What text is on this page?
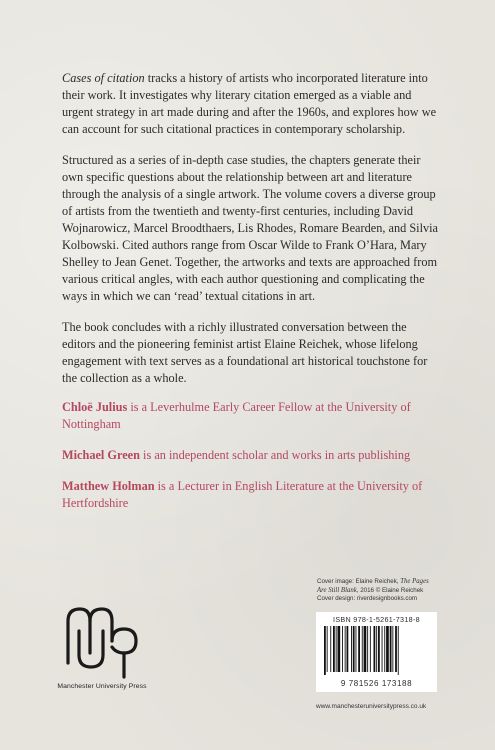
Cases of citation tracks a history of artists who incorporated literature into their work. It investigates why literary citation emerged as a viable and urgent strategy in art made during and after the 1960s, and explores how we can account for such citational practices in contemporary scholarship.

Structured as a series of in-depth case studies, the chapters generate their own specific questions about the relationship between art and literature through the analysis of a single artwork. The volume covers a diverse group of artists from the twentieth and twenty-first centuries, including David Wojnarowicz, Marcel Broodthaers, Lis Rhodes, Romare Bearden, and Silvia Kolbowski. Cited authors range from Oscar Wilde to Frank O’Hara, Mary Shelley to Jean Genet. Together, the artworks and texts are approached from various critical angles, with each author questioning and complicating the ways in which we can ‘read’ textual citations in art.

The book concludes with a richly illustrated conversation between the editors and the pioneering feminist artist Elaine Reichek, whose lifelong engagement with text serves as a foundational art historical touchstone for the collection as a whole.

Chloë Julius is a Leverhulme Early Career Fellow at the University of Nottingham

Michael Green is an independent scholar and works in arts publishing

Matthew Holman is a Lecturer in English Literature at the University of Hertfordshire

Cover image: Elaine Reichek, The Pages Are Still Blank, 2016 © Elaine Reichek
Cover design: riverdesignbooks.com
ISBN 978-1-5261-7318-8
9 781526 173188
www.manchesteruniversitypress.co.uk
Manchester University Press
